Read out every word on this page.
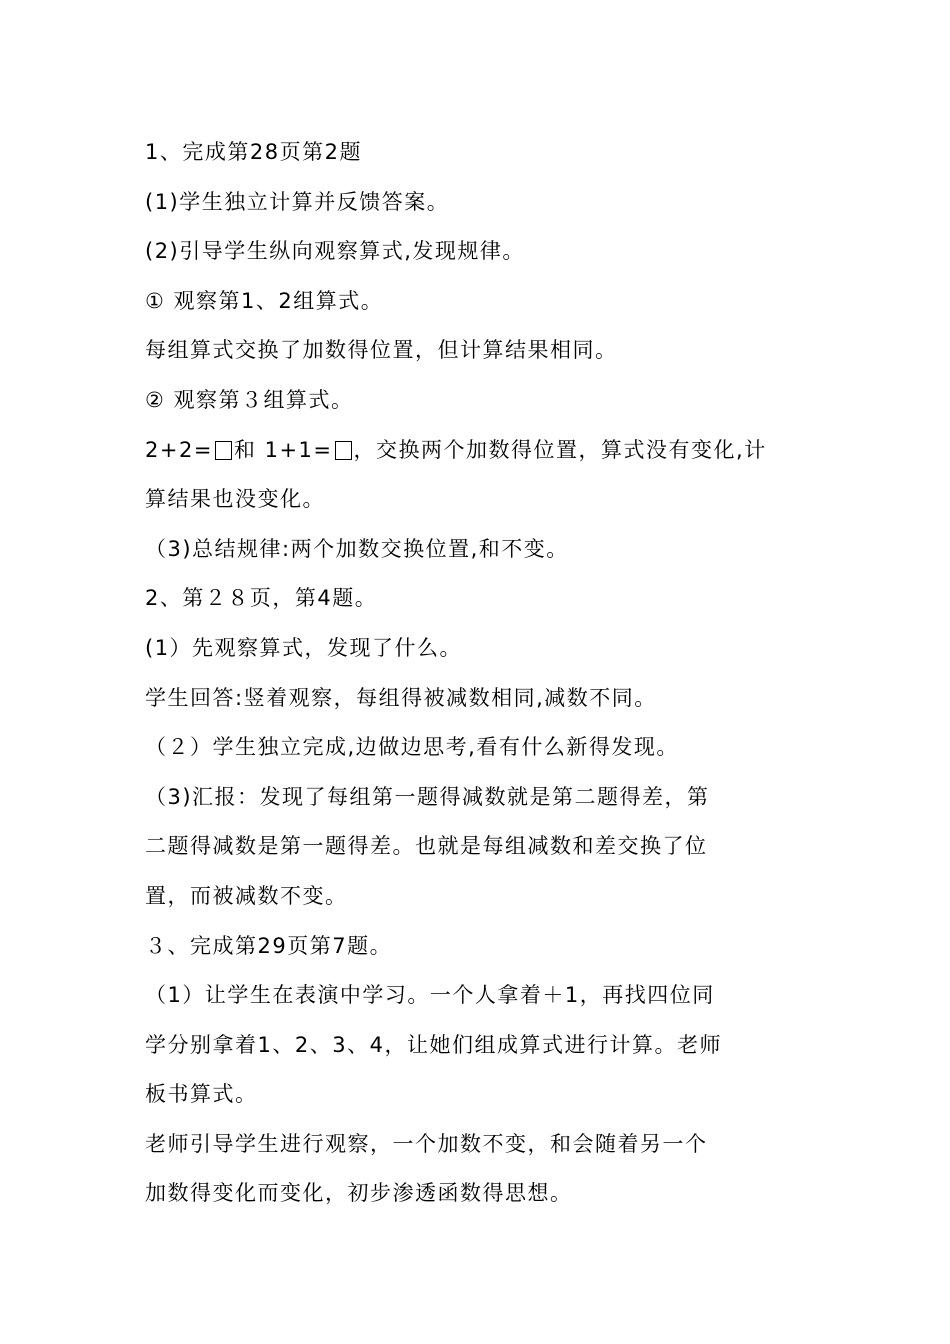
1、完成第28页第2题
(1)学生独立计算并反馈答案。
(2)引导学生纵向观察算式,发现规律。
① 观察第1、2组算式。
每组算式交换了加数得位置，但计算结果相同。
② 观察第３组算式。
2+2= 和 1+1= ，交换两个加数得位置，算式没有变化,计
算结果也没变化。
（3)总结规律:两个加数交换位置,和不变。
2、第２８页，第4题。
(1）先观察算式，发现了什么。
学生回答:竖着观察，每组得被减数相同,减数不同。
（２）学生独立完成,边做边思考,看有什么新得发现。
（3)汇报：发现了每组第一题得减数就是第二题得差，第
二题得减数是第一题得差。也就是每组减数和差交换了位
置，而被减数不变。
３、完成第29页第7题。
（1）让学生在表演中学习。一个人拿着＋1，再找四位同
学分别拿着1、2、3、4，让她们组成算式进行计算。老师
板书算式。
老师引导学生进行观察，一个加数不变，和会随着另一个
加数得变化而变化，初步渗透函数得思想。
